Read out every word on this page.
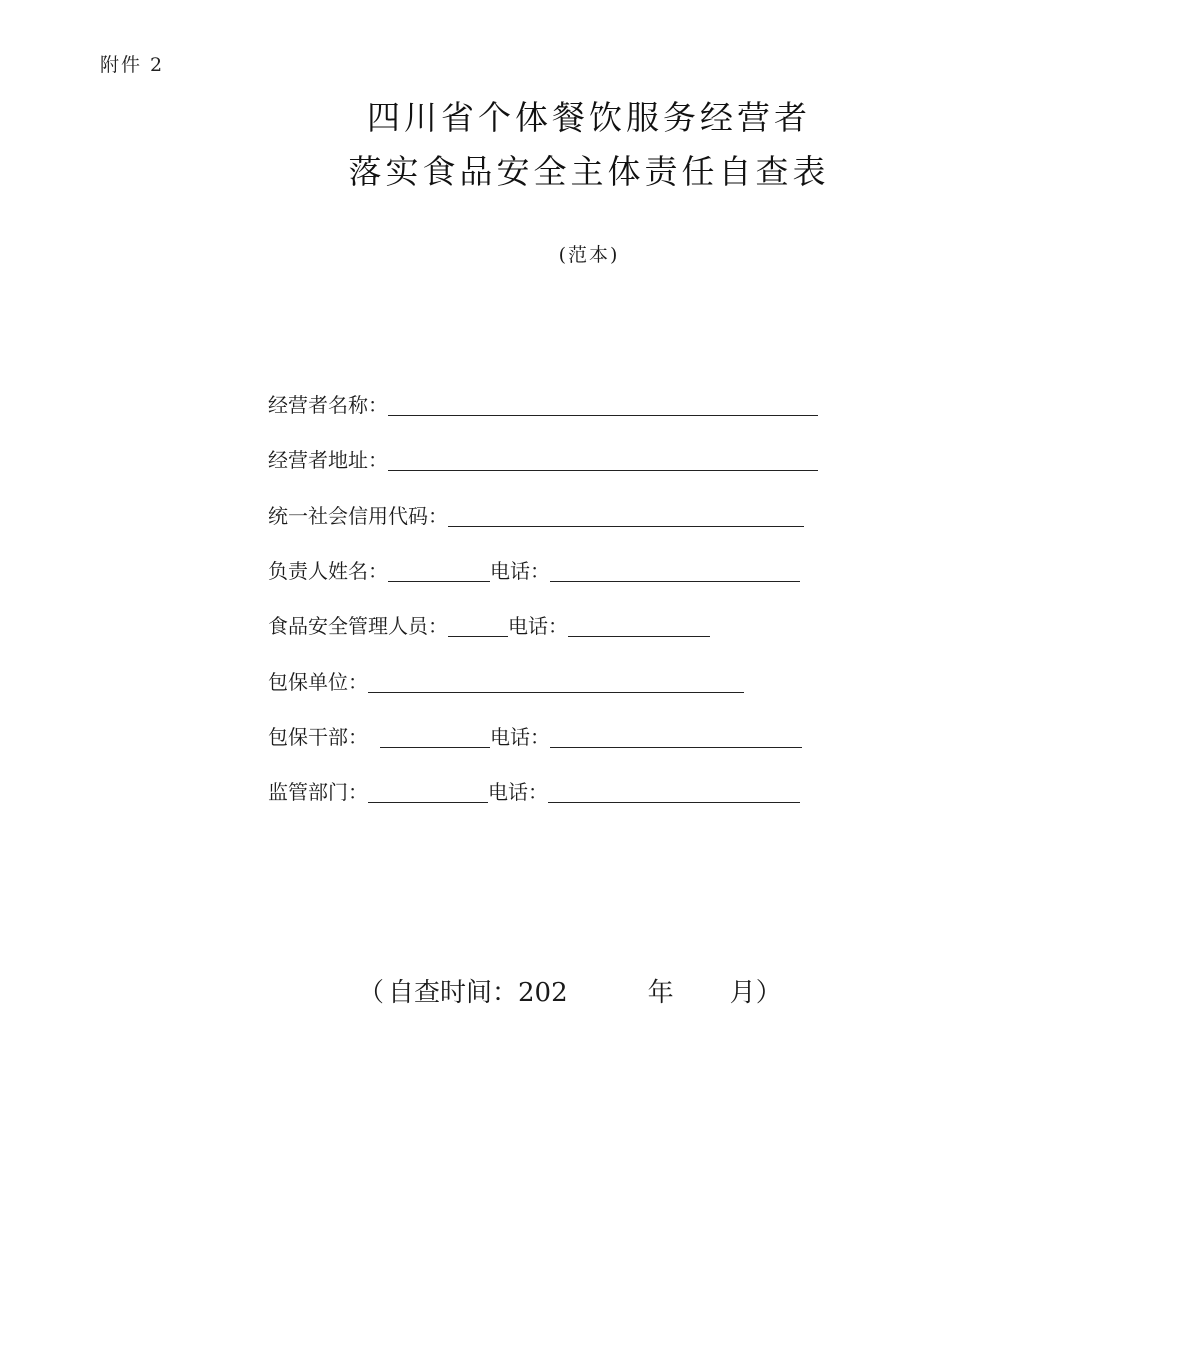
附件 2
四川省个体餐饮服务经营者
落实食品安全主体责任自查表
(范本)
经营者名称：
经营者地址：
统一社会信用代码：
负责人姓名：	电话：
食品安全管理人员：	电话：
包保单位：
包保干部：	电话：
监管部门：	电话：
（ 自查时间：202	年 月 ）
